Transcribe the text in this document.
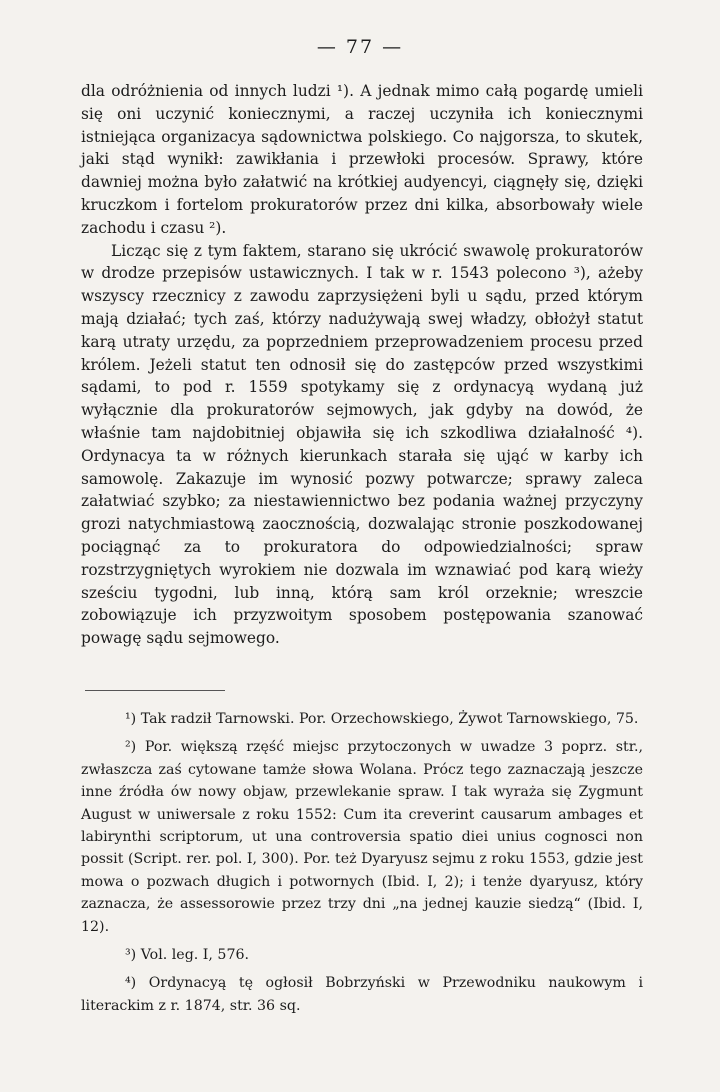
— 77 —

dla odróżnienia od innych ludzi ¹). A jednak mimo całą pogardę umieli się oni uczynić koniecznymi, a raczej uczyniła ich koniecznymi istniejąca organizacya sądownictwa polskiego. Co najgorsza, to skutek, jaki stąd wynikł: zawikłania i przewłoki procesów. Sprawy, które dawniej można było załatwić na krótkiej audyencyi, ciągnęły się, dzięki kruczkom i fortelom prokuratorów przez dni kilka, absorbowały wiele zachodu i czasu ²).

Licząc się z tym faktem, starano się ukrócić swawolę prokuratorów w drodze przepisów ustawicznych. I tak w r. 1543 polecono ³), ażeby wszyscy rzecznicy z zawodu zaprzysiężeni byli u sądu, przed którym mają działać; tych zaś, którzy nadużywają swej władzy, obłożył statut karą utraty urzędu, za poprzedniem przeprowadzeniem procesu przed królem. Jeżeli statut ten odnosił się do zastępców przed wszystkimi sądami, to pod r. 1559 spotykamy się z ordynacyą wydaną już wyłącznie dla prokuratorów sejmowych, jak gdyby na dowód, że właśnie tam najdobitniej objawiła się ich szkodliwa działalność ⁴). Ordynacya ta w różnych kierunkach starała się ująć w karby ich samowolę. Zakazuje im wynosić pozwy potwarcze; sprawy zaleca załatwiać szybko; za niestawiennictwo bez podania ważnej przyczyny grozi natychmiastową zaocznością, dozwalając stronie poszkodowanej pociągnąć za to prokuratora do odpowiedzialności; spraw rozstrzygniętych wyrokiem nie dozwala im wznawiać pod karą wieży sześciu tygodni, lub inną, którą sam król orzeknie; wreszcie zobowiązuje ich przyzwoitym sposobem postępowania szanować powagę sądu sejmowego.

¹) Tak radził Tarnowski. Por. Orzechowskiego, Żywot Tarnowskiego, 75.

²) Por. większą rzęść miejsc przytoczonych w uwadze 3 poprz. str., zwłaszcza zaś cytowane tamże słowa Wolana. Prócz tego zaznaczają jeszcze inne źródła ów nowy objaw, przewlekanie spraw. I tak wyraża się Zygmunt August w uniwersale z roku 1552: Cum ita creverint causarum ambages et labirynthi scriptorum, ut una controversia spatio diei unius cognosci non possit (Script. rer. pol. I, 300). Por. też Dyaryusz sejmu z roku 1553, gdzie jest mowa o pozwach długich i potwornych (Ibid. I, 2); i tenże dyaryusz, który zaznacza, że assessorowie przez trzy dni „na jednej kauzie siedzą“ (Ibid. I, 12).

³) Vol. leg. I, 576.

⁴) Ordynacyą tę ogłosił Bobrzyński w Przewodniku naukowym i literackim z r. 1874, str. 36 sq.
